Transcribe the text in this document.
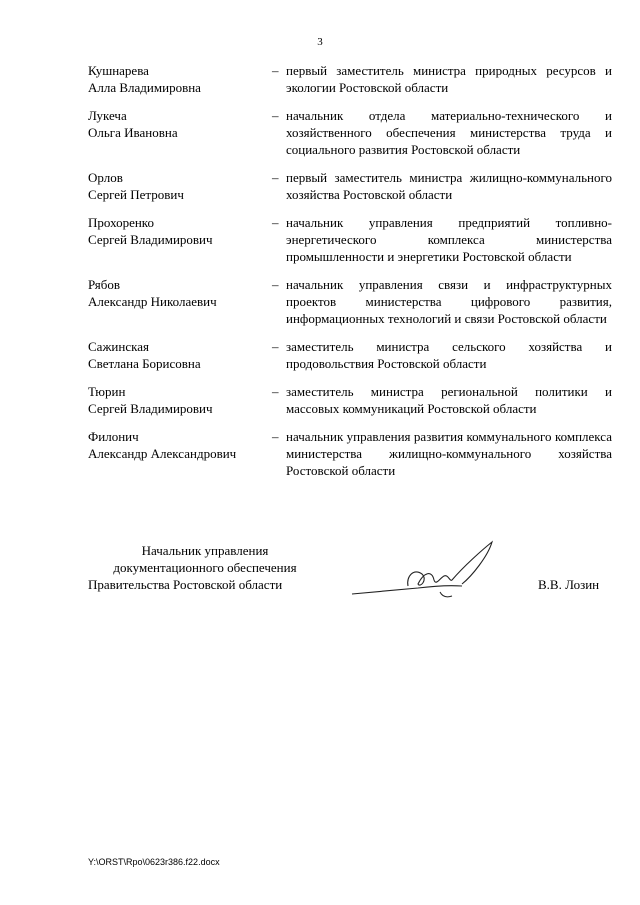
3
Кушнарева
Алла Владимировна
– первый заместитель министра природных ресурсов и экологии Ростовской области
Лукеча
Ольга Ивановна
– начальник отдела материально-технического и хозяйственного обеспечения министерства труда и социального развития Ростовской области
Орлов
Сергей Петрович
– первый заместитель министра жилищно-коммунального хозяйства Ростовской области
Прохоренко
Сергей Владимирович
– начальник управления предприятий топливно-энергетического комплекса министерства промышленности и энергетики Ростовской области
Рябов
Александр Николаевич
– начальник управления связи и инфраструктурных проектов министерства цифрового развития, информационных технологий и связи Ростовской области
Сажинская
Светлана Борисовна
– заместитель министра сельского хозяйства и продовольствия Ростовской области
Тюрин
Сергей Владимирович
– заместитель министра региональной политики и массовых коммуникаций Ростовской области
Филонич
Александр Александрович
– начальник управления развития коммунального комплекса министерства жилищно-коммунального хозяйства Ростовской области
Начальник управления
документационного обеспечения
Правительства Ростовской области	В.В. Лозин
Y:\ORST\Rpo\0623r386.f22.docx
